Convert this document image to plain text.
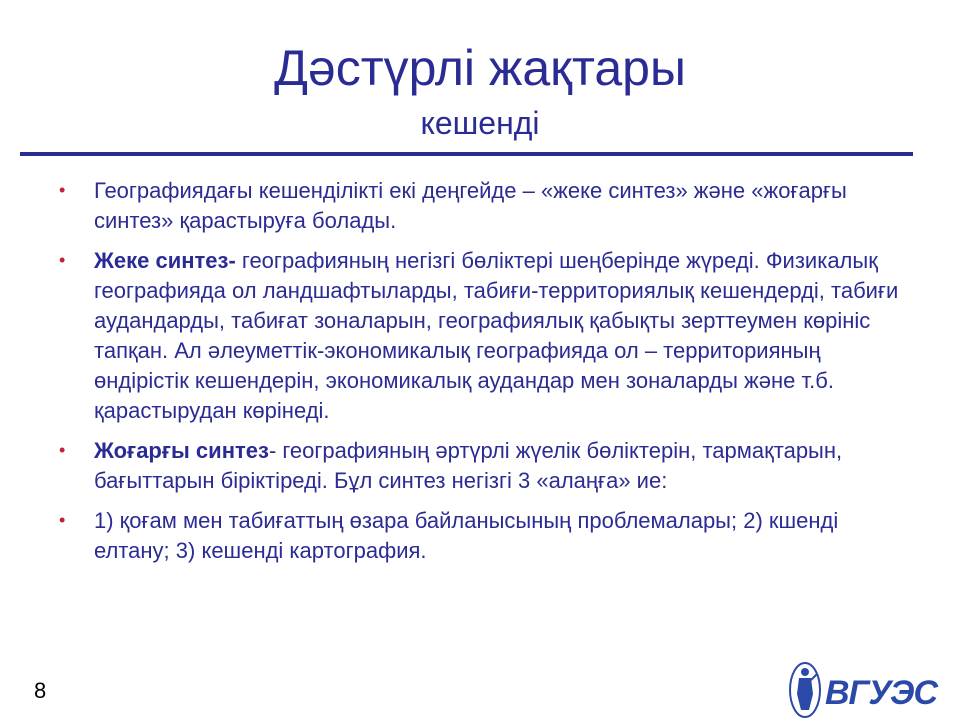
Дәстүрлі жақтары
кешенді
• Географиядағы кешенділікті екі деңгейде – «жеке синтез» және «жоғарғы синтез» қарастыруға болады.
• Жеке синтез- географияның негізгі бөліктері шеңберінде жүреді. Физикалық географияда ол ландшафтыларды, табиғи-территориялық кешендерді, табиғи аудандарды, табиғат зоналарын, географиялық қабықты зерттеумен көрініс тапқан. Ал әлеуметтік-экономикалық географияда ол – территорияның өндірістік кешендерін, экономикалық аудандар мен зоналарды және т.б. қарастырудан көрінеді.
• Жоғарғы синтез- географияның әртүрлі жүелік бөліктерін, тармақтарын, бағыттарын біріктіреді. Бұл синтез негізгі 3 «алаңға» ие:
• 1) қоғам мен табиғаттың өзара байланысының проблемалары; 2) кшенді елтану; 3) кешенді картография.
8	ВГУЭС
